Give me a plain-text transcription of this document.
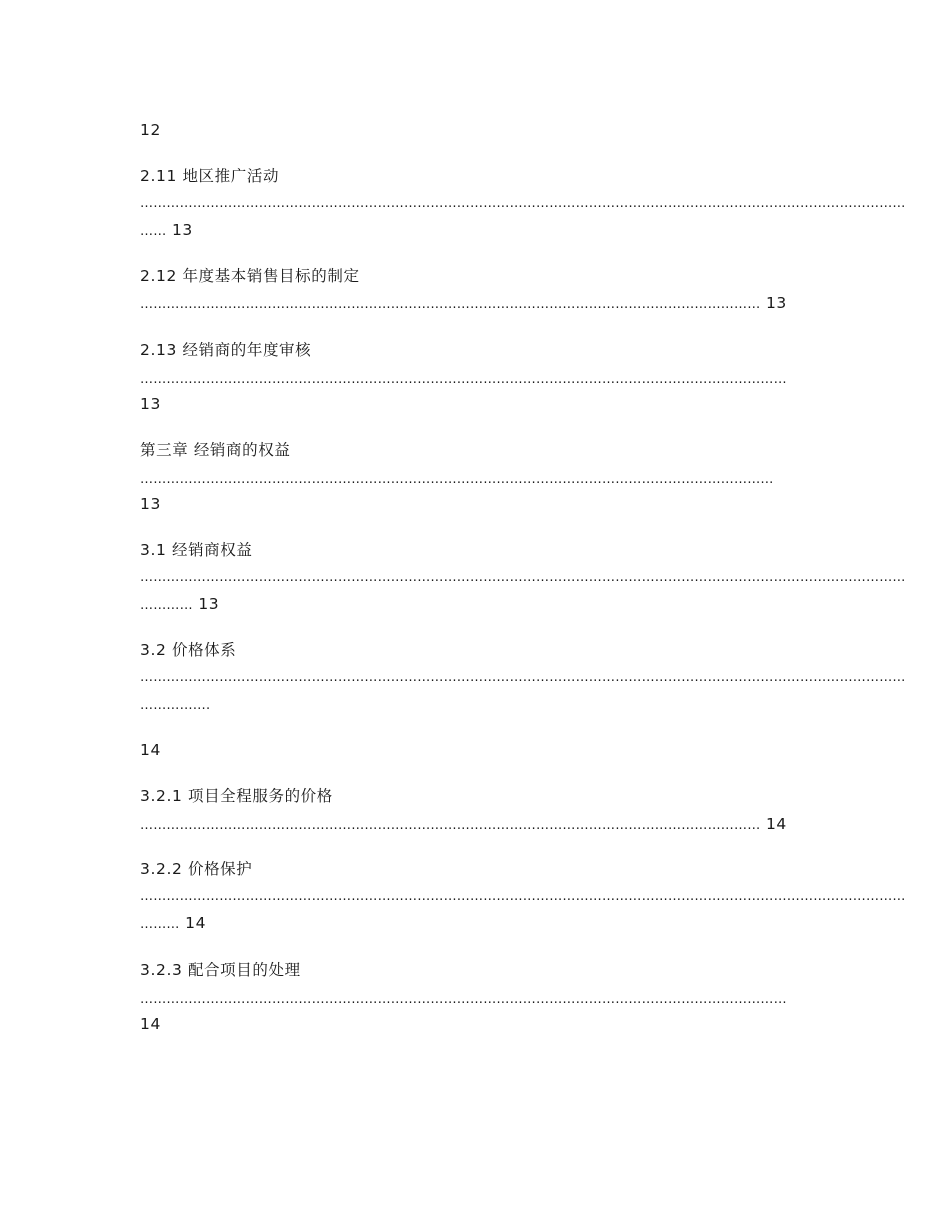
12
2.11 地区推广活动
…………………………………………………………………………………………………………………………………………………………
…… 13
2.12 年度基本销售目标的制定
…………………………………………………………………………………………………………………………… 13
2.13 经销商的年度审核
…………………………………………………………………………………………………………………………………
13
第三章 经销商的权益
………………………………………………………………………………………………………………………………
13
3.1 经销商权益
…………………………………………………………………………………………………………………………………………………………
………… 13
3.2 价格体系
…………………………………………………………………………………………………………………………………………………………
…………….
14
3.2.1 项目全程服务的价格
…………………………………………………………………………………………………………………………… 14
3.2.2 价格保护
…………………………………………………………………………………………………………………………………………………………
……… 14
3.2.3 配合项目的处理
…………………………………………………………………………………………………………………………………
14
